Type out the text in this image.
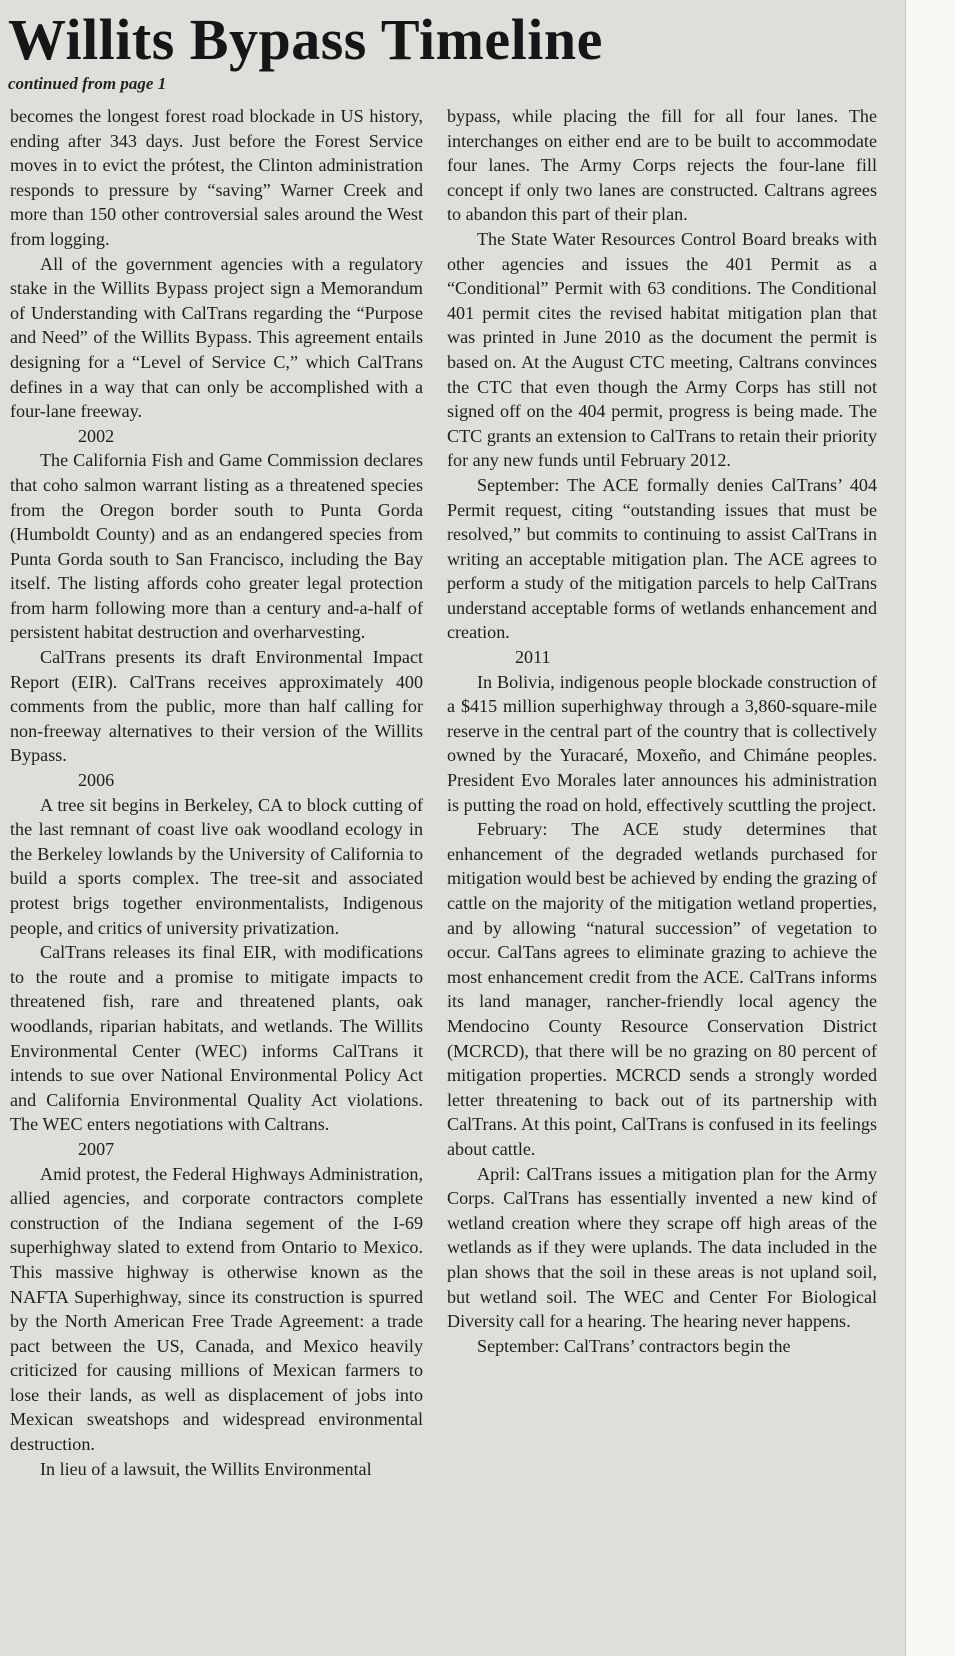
Willits Bypass Timeline
continued from page 1

becomes the longest forest road blockade in US history, ending after 343 days. Just before the Forest Service moves in to evict the prótest, the Clinton administration responds to pressure by “saving” Warner Creek and more than 150 other controversial sales around the West from logging.

All of the government agencies with a regulatory stake in the Willits Bypass project sign a Memorandum of Understanding with CalTrans regarding the “Purpose and Need” of the Willits Bypass. This agreement entails designing for a “Level of Service C,” which CalTrans defines in a way that can only be accomplished with a four-lane freeway.

2002

The California Fish and Game Commission declares that coho salmon warrant listing as a threatened species from the Oregon border south to Punta Gorda (Humboldt County) and as an endangered species from Punta Gorda south to San Francisco, including the Bay itself. The listing affords coho greater legal protection from harm following more than a century and-a-half of persistent habitat destruction and overharvesting.

CalTrans presents its draft Environmental Impact Report (EIR). CalTrans receives approximately 400 comments from the public, more than half calling for non-freeway alternatives to their version of the Willits Bypass.

2006

A tree sit begins in Berkeley, CA to block cutting of the last remnant of coast live oak woodland ecology in the Berkeley lowlands by the University of California to build a sports complex. The tree-sit and associated protest brigs together environmentalists, Indigenous people, and critics of university privatization.

CalTrans releases its final EIR, with modifications to the route and a promise to mitigate impacts to threatened fish, rare and threatened plants, oak woodlands, riparian habitats, and wetlands. The Willits Environmental Center (WEC) informs CalTrans it intends to sue over National Environmental Policy Act and California Environmental Quality Act violations. The WEC enters negotiations with Caltrans.

2007

Amid protest, the Federal Highways Administration, allied agencies, and corporate contractors complete construction of the Indiana segement of the I-69 superhighway slated to extend from Ontario to Mexico. This massive highway is otherwise known as the NAFTA Superhighway, since its construction is spurred by the North American Free Trade Agreement: a trade pact between the US, Canada, and Mexico heavily criticized for causing millions of Mexican farmers to lose their lands, as well as displacement of jobs into Mexican sweatshops and widespread environmental destruction.

In lieu of a lawsuit, the Willits Environmental

bypass, while placing the fill for all four lanes. The interchanges on either end are to be built to accommodate four lanes. The Army Corps rejects the four-lane fill concept if only two lanes are constructed. Caltrans agrees to abandon this part of their plan.

The State Water Resources Control Board breaks with other agencies and issues the 401 Permit as a “Conditional” Permit with 63 conditions. The Conditional 401 permit cites the revised habitat mitigation plan that was printed in June 2010 as the document the permit is based on. At the August CTC meeting, Caltrans convinces the CTC that even though the Army Corps has still not signed off on the 404 permit, progress is being made. The CTC grants an extension to CalTrans to retain their priority for any new funds until February 2012.

September: The ACE formally denies CalTrans’ 404 Permit request, citing “outstanding issues that must be resolved,” but commits to continuing to assist CalTrans in writing an acceptable mitigation plan. The ACE agrees to perform a study of the mitigation parcels to help CalTrans understand acceptable forms of wetlands enhancement and creation.

2011

In Bolivia, indigenous people blockade construction of a $415 million superhighway through a 3,860-square-mile reserve in the central part of the country that is collectively owned by the Yuracaré, Moxeño, and Chimáne peoples. President Evo Morales later announces his administration is putting the road on hold, effectively scuttling the project.

February: The ACE study determines that enhancement of the degraded wetlands purchased for mitigation would best be achieved by ending the grazing of cattle on the majority of the mitigation wetland properties, and by allowing “natural succession” of vegetation to occur. CalTans agrees to eliminate grazing to achieve the most enhancement credit from the ACE. CalTrans informs its land manager, rancher-friendly local agency the Mendocino County Resource Conservation District (MCRCD), that there will be no grazing on 80 percent of mitigation properties. MCRCD sends a strongly worded letter threatening to back out of its partnership with CalTrans. At this point, CalTrans is confused in its feelings about cattle.

April: CalTrans issues a mitigation plan for the Army Corps. CalTrans has essentially invented a new kind of wetland creation where they scrape off high areas of the wetlands as if they were uplands. The data included in the plan shows that the soil in these areas is not upland soil, but wetland soil. The WEC and Center For Biological Diversity call for a hearing. The hearing never happens.

September: CalTrans’ contractors begin the
